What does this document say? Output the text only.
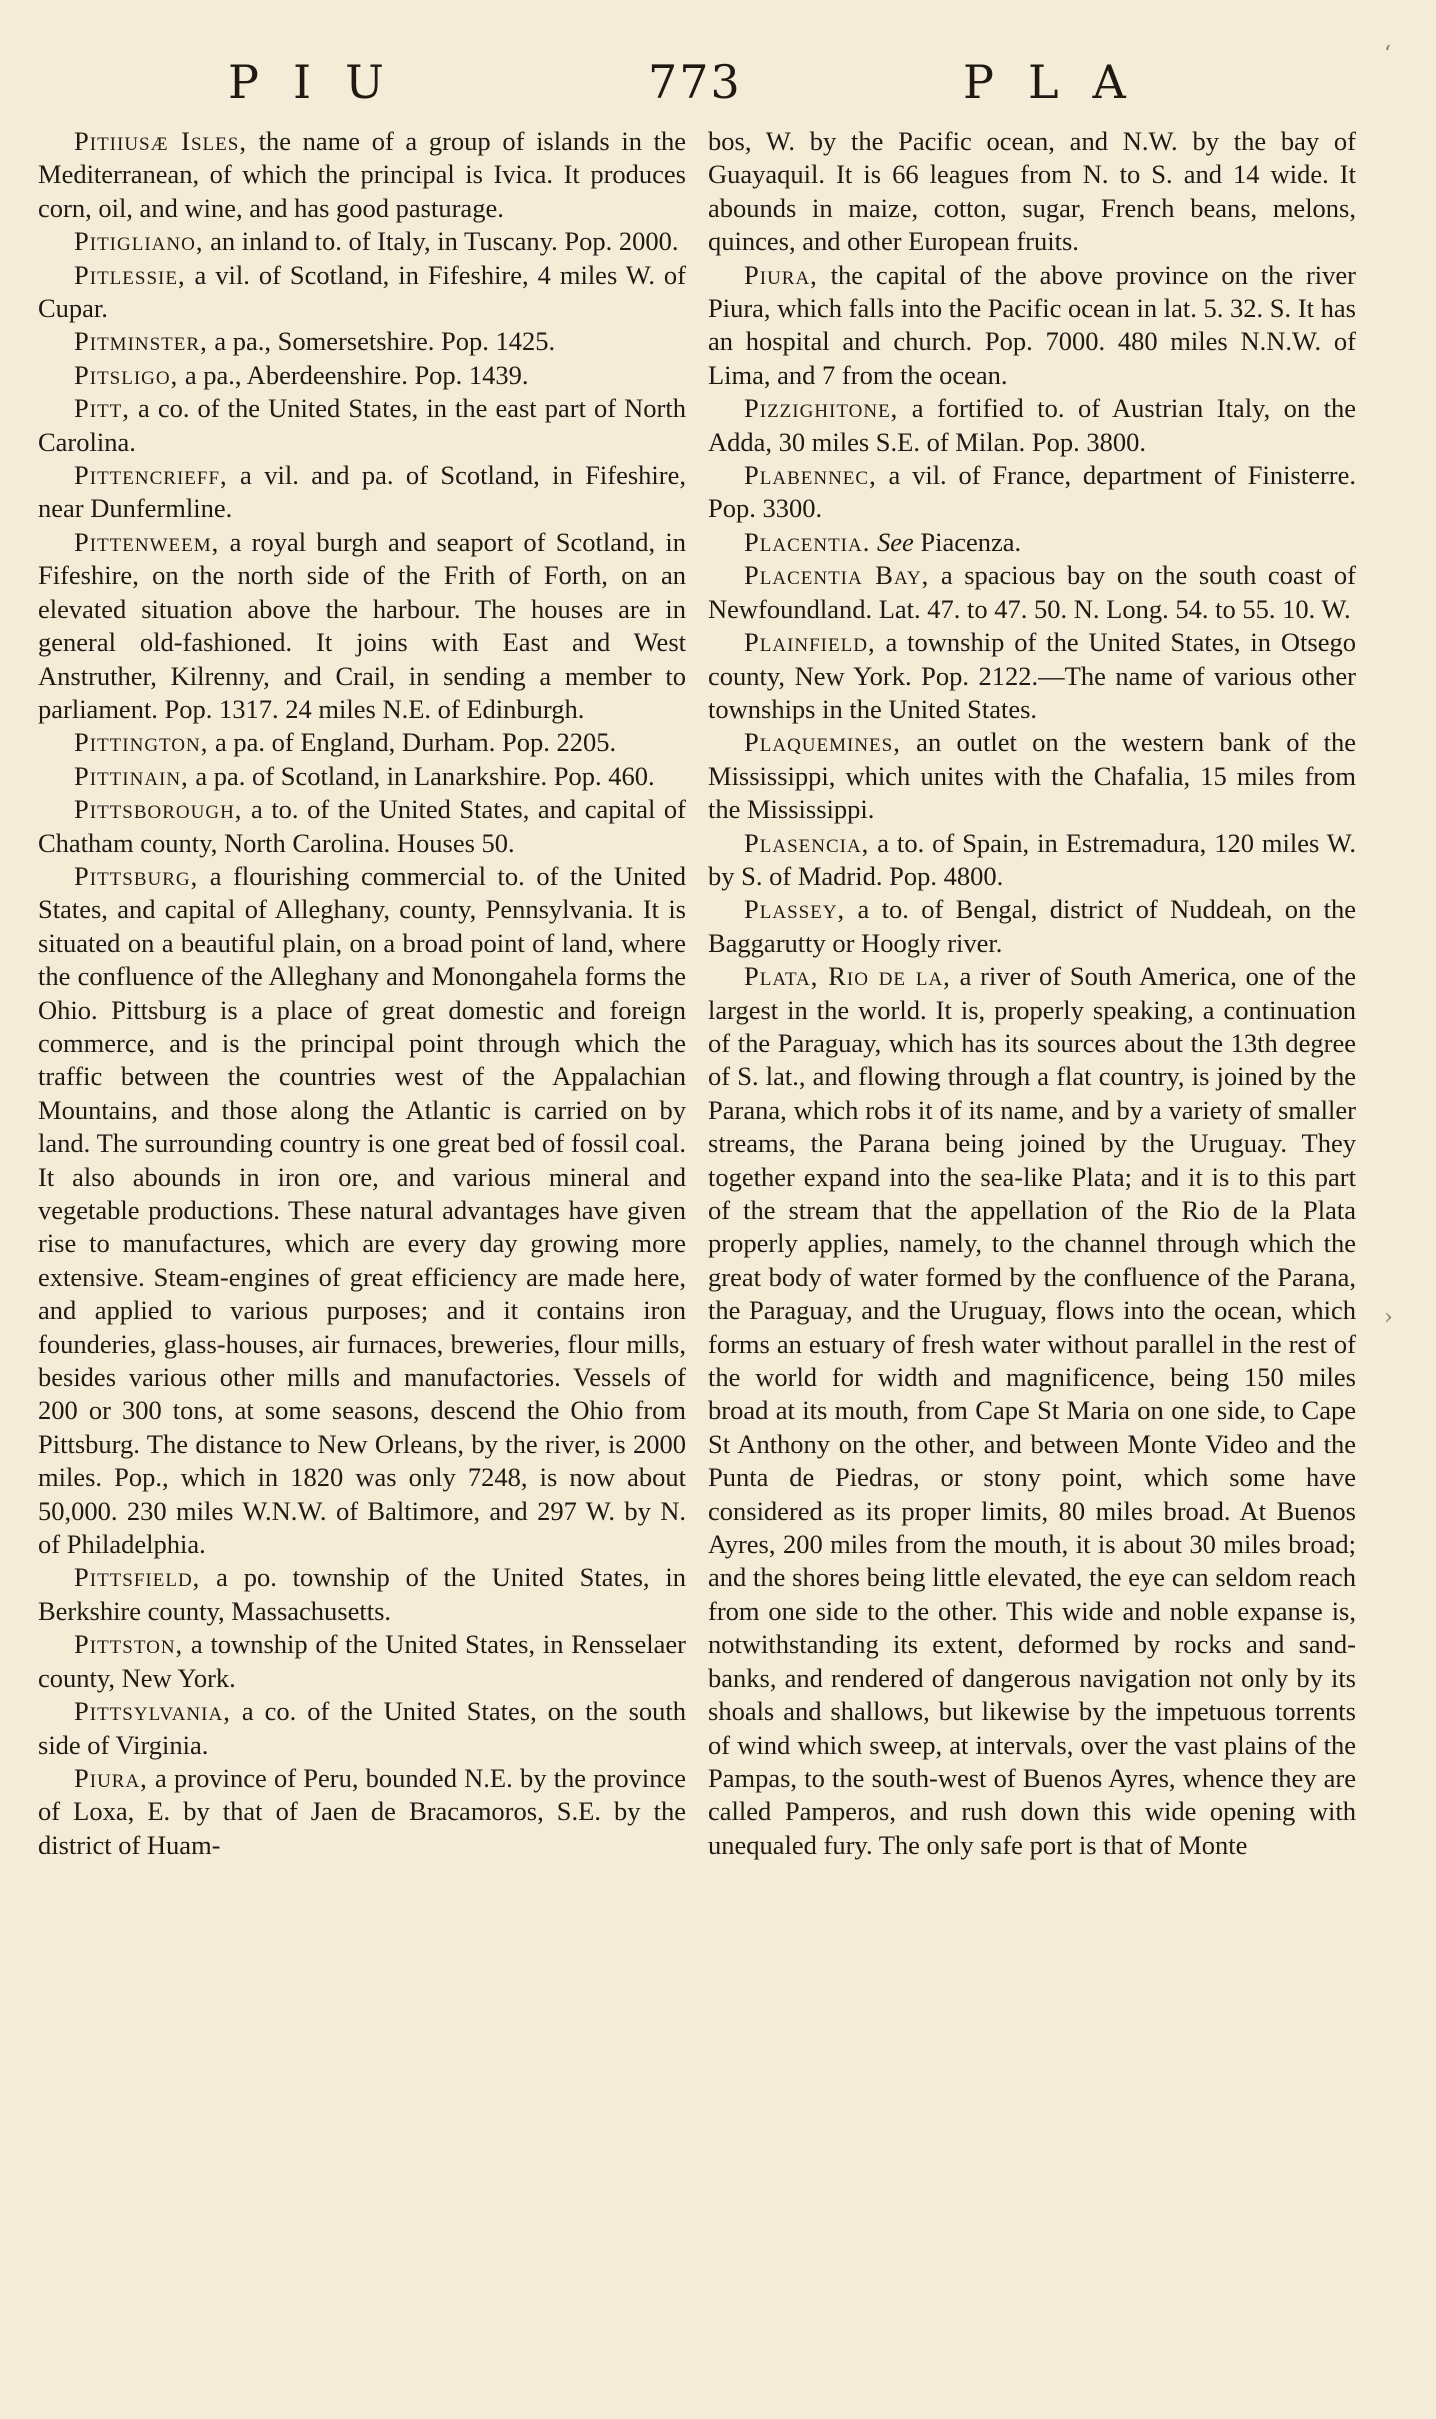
PIU	773	PLA
‘
›

Pitiiusæ Isles, the name of a group of islands in the Mediterranean, of which the principal is Ivica. It produces corn, oil, and wine, and has good pasturage.

Pitigliano, an inland to. of Italy, in Tuscany. Pop. 2000.

Pitlessie, a vil. of Scotland, in Fifeshire, 4 miles W. of Cupar.

Pitminster, a pa., Somersetshire. Pop. 1425.

Pitsligo, a pa., Aberdeenshire. Pop. 1439.

Pitt, a co. of the United States, in the east part of North Carolina.

Pittencrieff, a vil. and pa. of Scotland, in Fifeshire, near Dunfermline.

Pittenweem, a royal burgh and seaport of Scotland, in Fifeshire, on the north side of the Frith of Forth, on an elevated situation above the harbour. The houses are in general old-fashioned. It joins with East and West Anstruther, Kilrenny, and Crail, in sending a member to parliament. Pop. 1317. 24 miles N.E. of Edinburgh.

Pittington, a pa. of England, Durham. Pop. 2205.

Pittinain, a pa. of Scotland, in Lanarkshire. Pop. 460.

Pittsborough, a to. of the United States, and capital of Chatham county, North Carolina. Houses 50.

Pittsburg, a flourishing commercial to. of the United States, and capital of Alleghany, county, Pennsylvania. It is situated on a beautiful plain, on a broad point of land, where the confluence of the Alleghany and Monongahela forms the Ohio. Pittsburg is a place of great domestic and foreign commerce, and is the principal point through which the traffic between the countries west of the Appalachian Mountains, and those along the Atlantic is carried on by land. The surrounding country is one great bed of fossil coal. It also abounds in iron ore, and various mineral and vegetable productions. These natural advantages have given rise to manufactures, which are every day growing more extensive. Steam-engines of great efficiency are made here, and applied to various purposes; and it contains iron founderies, glass-houses, air furnaces, breweries, flour mills, besides various other mills and manufactories. Vessels of 200 or 300 tons, at some seasons, descend the Ohio from Pittsburg. The distance to New Orleans, by the river, is 2000 miles. Pop., which in 1820 was only 7248, is now about 50,000. 230 miles W.N.W. of Baltimore, and 297 W. by N. of Philadelphia.

Pittsfield, a po. township of the United States, in Berkshire county, Massachusetts.

Pittston, a township of the United States, in Rensselaer county, New York.

Pittsylvania, a co. of the United States, on the south side of Virginia.

Piura, a province of Peru, bounded N.E. by the province of Loxa, E. by that of Jaen de Bracamoros, S.E. by the district of Huam-

bos, W. by the Pacific ocean, and N.W. by the bay of Guayaquil. It is 66 leagues from N. to S. and 14 wide. It abounds in maize, cotton, sugar, French beans, melons, quinces, and other European fruits.

Piura, the capital of the above province on the river Piura, which falls into the Pacific ocean in lat. 5. 32. S. It has an hospital and church. Pop. 7000. 480 miles N.N.W. of Lima, and 7 from the ocean.

Pizzighitone, a fortified to. of Austrian Italy, on the Adda, 30 miles S.E. of Milan. Pop. 3800.

Plabennec, a vil. of France, department of Finisterre. Pop. 3300.

Placentia. See Piacenza.

Placentia Bay, a spacious bay on the south coast of Newfoundland. Lat. 47. to 47. 50. N. Long. 54. to 55. 10. W.

Plainfield, a township of the United States, in Otsego county, New York. Pop. 2122.—The name of various other townships in the United States.

Plaquemines, an outlet on the western bank of the Mississippi, which unites with the Chafalia, 15 miles from the Mississippi.

Plasencia, a to. of Spain, in Estremadura, 120 miles W. by S. of Madrid. Pop. 4800.

Plassey, a to. of Bengal, district of Nuddeah, on the Baggarutty or Hoogly river.

Plata, Rio de la, a river of South America, one of the largest in the world. It is, properly speaking, a continuation of the Paraguay, which has its sources about the 13th degree of S. lat., and flowing through a flat country, is joined by the Parana, which robs it of its name, and by a variety of smaller streams, the Parana being joined by the Uruguay. They together expand into the sea-like Plata; and it is to this part of the stream that the appellation of the Rio de la Plata properly applies, namely, to the channel through which the great body of water formed by the confluence of the Parana, the Paraguay, and the Uruguay, flows into the ocean, which forms an estuary of fresh water without parallel in the rest of the world for width and magnificence, being 150 miles broad at its mouth, from Cape St Maria on one side, to Cape St Anthony on the other, and between Monte Video and the Punta de Piedras, or stony point, which some have considered as its proper limits, 80 miles broad. At Buenos Ayres, 200 miles from the mouth, it is about 30 miles broad; and the shores being little elevated, the eye can seldom reach from one side to the other. This wide and noble expanse is, notwithstanding its extent, deformed by rocks and sand-banks, and rendered of dangerous navigation not only by its shoals and shallows, but likewise by the impetuous torrents of wind which sweep, at intervals, over the vast plains of the Pampas, to the south-west of Buenos Ayres, whence they are called Pamperos, and rush down this wide opening with unequaled fury. The only safe port is that of Monte
